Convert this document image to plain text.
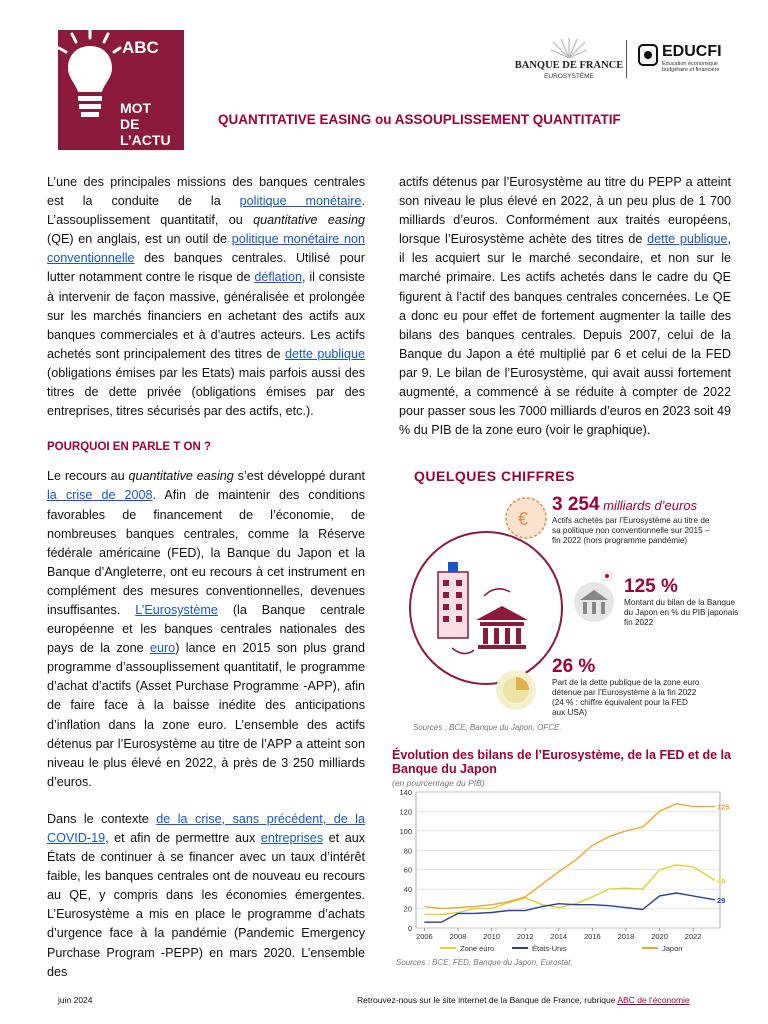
ABC
MOT
DE
L’ACTU
BANQUE DE FRANCE
EUROSYSTÈME
EDUCFI
Éducation économique budgétaire et financière
QUANTITATIVE EASING ou ASSOUPLISSEMENT QUANTITATIF

L’une des principales missions des banques centrales est la conduite de la politique monétaire. L’assouplissement quantitatif, ou quantitative easing (QE) en anglais, est un outil de politique monétaire non conventionnelle des banques centrales. Utilisé pour lutter notamment contre le risque de déflation, il consiste à intervenir de façon massive, généralisée et prolongée sur les marchés financiers en achetant des actifs aux banques commerciales et à d’autres acteurs. Les actifs achetés sont principalement des titres de dette publique (obligations émises par les Etats) mais parfois aussi des titres de dette privée (obligations émises par des entreprises, titres sécurisés par des actifs, etc.).

POURQUOI EN PARLE T ON ?

Le recours au quantitative easing s’est développé durant la crise de 2008. Afin de maintenir des conditions favorables de financement de l’économie, de nombreuses banques centrales, comme la Réserve fédérale américaine (FED), la Banque du Japon et la Banque d’Angleterre, ont eu recours à cet instrument en complément des mesures conventionnelles, devenues insuffisantes. L’Eurosystème (la Banque centrale européenne et les banques centrales nationales des pays de la zone euro) lance en 2015 son plus grand programme d’assouplissement quantitatif, le programme d’achat d’actifs (Asset Purchase Programme -APP), afin de faire face à la baisse inédite des anticipations d’inflation dans la zone euro. L’ensemble des actifs détenus par l’Eurosystème au titre de l’APP a atteint son niveau le plus élevé en 2022, à près de 3 250 milliards d’euros.

Dans le contexte de la crise, sans précédent, de la COVID-19, et afin de permettre aux entreprises et aux États de continuer à se financer avec un taux d’intérêt faible, les banques centrales ont de nouveau eu recours au QE, y compris dans les économies émergentes. L’Eurosystème a mis en place le programme d’achats d’urgence face à la pandémie (Pandemic Emergency Purchase Program -PEPP) en mars 2020. L’ensemble des

actifs détenus par l’Eurosystème au titre du PEPP a atteint son niveau le plus élevé en 2022, à un peu plus de 1 700 milliards d’euros. Conformément aux traités européens, lorsque l’Eurosystème achète des titres de dette publique, il les acquiert sur le marché secondaire, et non sur le marché primaire. Les actifs achetés dans le cadre du QE figurent à l’actif des banques centrales concernées. Le QE a donc eu pour effet de fortement augmenter la taille des bilans des banques centrales. Depuis 2007, celui de la Banque du Japon a été multiplié par 6 et celui de la FED par 9. Le bilan de l’Eurosystème, qui avait aussi fortement augmenté, a commencé à se réduite à compter de 2022 pour passer sous les 7000 milliards d’euros en 2023 soit 49 % du PIB de la zone euro (voir le graphique).

QUELQUES CHIFFRES
€
3 254 milliards d’euros
Actifs achetés par l’Eurosystème au titre de sa politique non conventionnelle sur 2015 – fin 2022 (hors programme pandémie)
125 %
Montant du bilan de la Banque du Japon en % du PIB japonais fin 2022
26 %
Part de la dette publique de la zone euro détenue par l’Eurosystème à la fin 2022 (24 % : chiffre équivalent pour la FED aux USA)
Sources : BCE, Banque du Japon, OFCE.
Évolution des bilans de l’Eurosystème, de la FED et de la Banque du Japon
(en pourcentage du PIB)
0
20
40
60
80
100
120
140
2006 2008 2010 2012 2014 2016 2018 2020 2022
49
Zone euro
29
États-Unis
125
Japon
Sources : BCE, FED, Banque du Japon, Eurostat.
juin 2024	Retrouvez-nous sur le site internet de la Banque de France, rubrique ABC de l’économie
